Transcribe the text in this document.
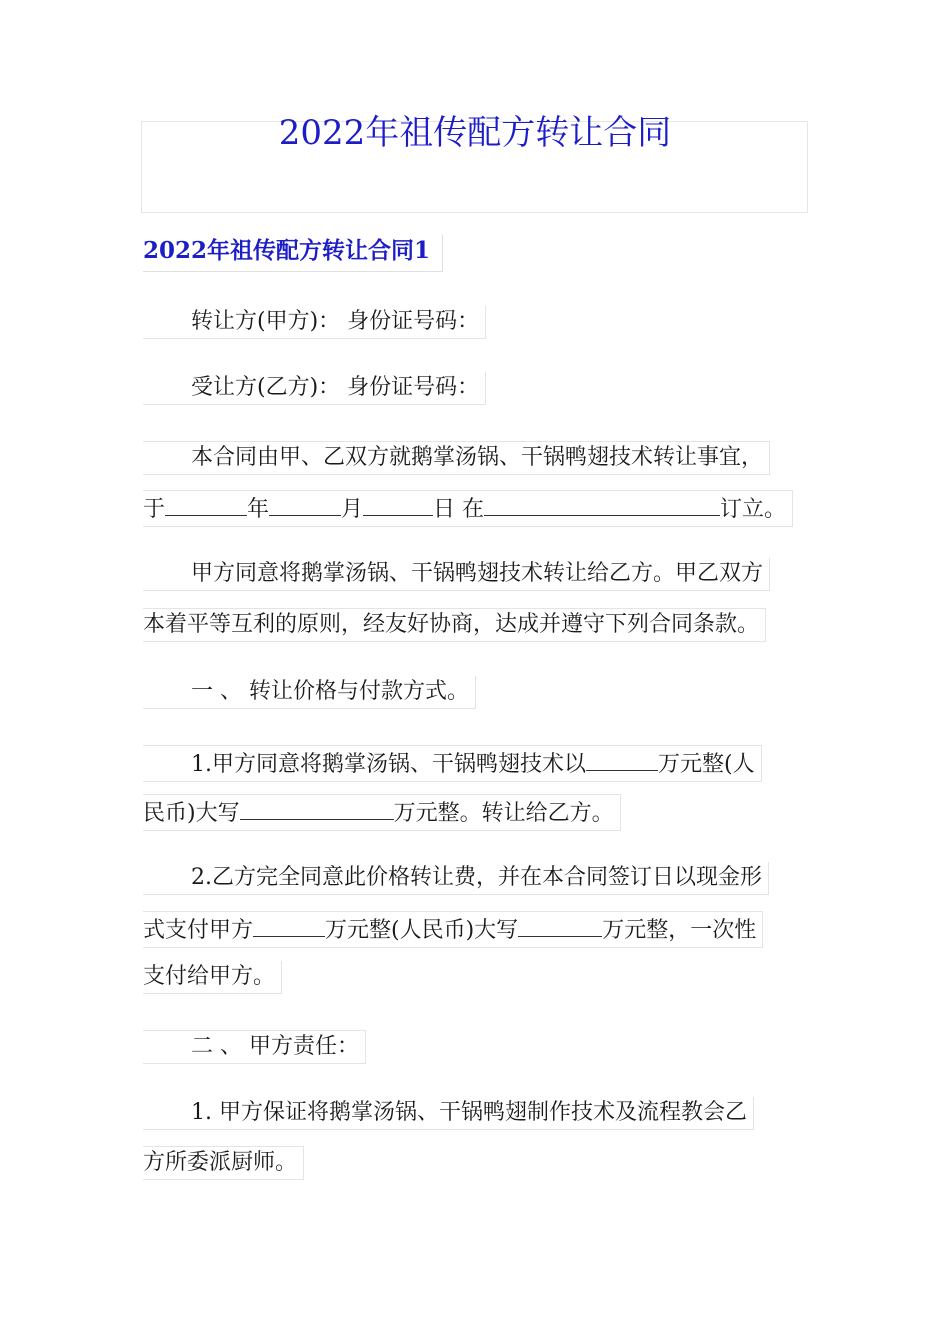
2022年祖传配方转让合同
2022年祖传配方转让合同1
转让方(甲方)： 身份证号码：
受让方(乙方)： 身份证号码：
本合同由甲、乙双方就鹅掌汤锅、干锅鸭翅技术转让事宜，
于	年	月	日 在	订立。
甲方同意将鹅掌汤锅、干锅鸭翅技术转让给乙方。甲乙双方
本着平等互利的原则，经友好协商，达成并遵守下列合同条款。
一 、 转让价格与付款方式。
1.甲方同意将鹅掌汤锅、干锅鸭翅技术以	万元整(人
民币)大写	万元整。转让给乙方。
2.乙方完全同意此价格转让费，并在本合同签订日以现金形
式支付甲方	万元整(人民币)大写	万元整，一次性
支付给甲方。
二 、 甲方责任：
1. 甲方保证将鹅掌汤锅、干锅鸭翅制作技术及流程教会乙
方所委派厨师。
